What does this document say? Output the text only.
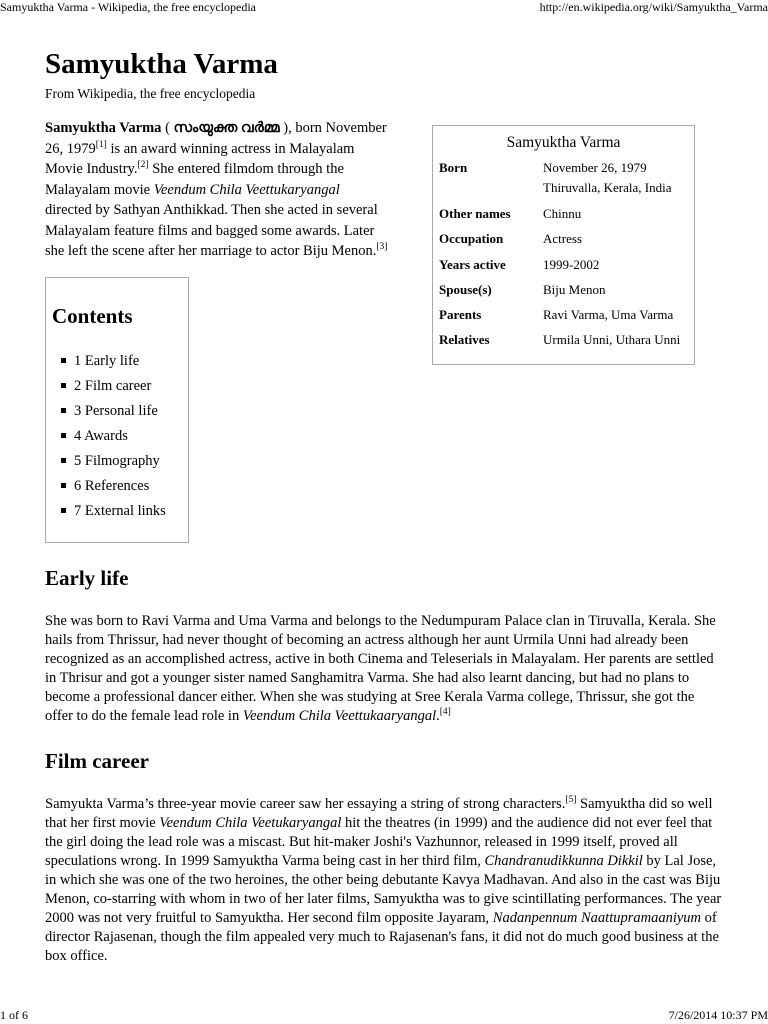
Samyuktha Varma - Wikipedia, the free encyclopedia	http://en.wikipedia.org/wiki/Samyuktha_Varma
Samyuktha Varma
From Wikipedia, the free encyclopedia
Samyuktha Varma ( സംയുക്ത വർമ്മ ), born November 26, 1979[1] is an award winning actress in Malayalam Movie Industry.[2] She entered filmdom through the Malayalam movie Veendum Chila Veettukaryangal directed by Sathyan Anthikkad. Then she acted in several Malayalam feature films and bagged some awards. Later she left the scene after her marriage to actor Biju Menon.[3]
Contents
1 Early life
2 Film career
3 Personal life
4 Awards
5 Filmography
6 References
7 External links
Samyuktha Varma
Born	November 26, 1979
Thiruvalla, Kerala, India
Other names	Chinnu
Occupation	Actress
Years active	1999-2002
Spouse(s)	Biju Menon
Parents	Ravi Varma, Uma Varma
Relatives	Urmila Unni, Uthara Unni
Early life
She was born to Ravi Varma and Uma Varma and belongs to the Nedumpuram Palace clan in Tiruvalla, Kerala. She hails from Thrissur, had never thought of becoming an actress although her aunt Urmila Unni had already been recognized as an accomplished actress, active in both Cinema and Teleserials in Malayalam. Her parents are settled in Thrisur and got a younger sister named Sanghamitra Varma. She had also learnt dancing, but had no plans to become a professional dancer either. When she was studying at Sree Kerala Varma college, Thrissur, she got the offer to do the female lead role in Veendum Chila Veettukaaryangal.[4]
Film career
Samyukta Varma’s three-year movie career saw her essaying a string of strong characters.[5] Samyuktha did so well that her first movie Veendum Chila Veetukaryangal hit the theatres (in 1999) and the audience did not ever feel that the girl doing the lead role was a miscast. But hit-maker Joshi's Vazhunnor, released in 1999 itself, proved all speculations wrong. In 1999 Samyuktha Varma being cast in her third film, Chandranudikkunna Dikkil by Lal Jose, in which she was one of the two heroines, the other being debutante Kavya Madhavan. And also in the cast was Biju Menon, co-starring with whom in two of her later films, Samyuktha was to give scintillating performances. The year 2000 was not very fruitful to Samyuktha. Her second film opposite Jayaram, Nadanpennum Naattupramaaniyum of director Rajasenan, though the film appealed very much to Rajasenan's fans, it did not do much good business at the box office.
1 of 6	7/26/2014 10:37 PM
